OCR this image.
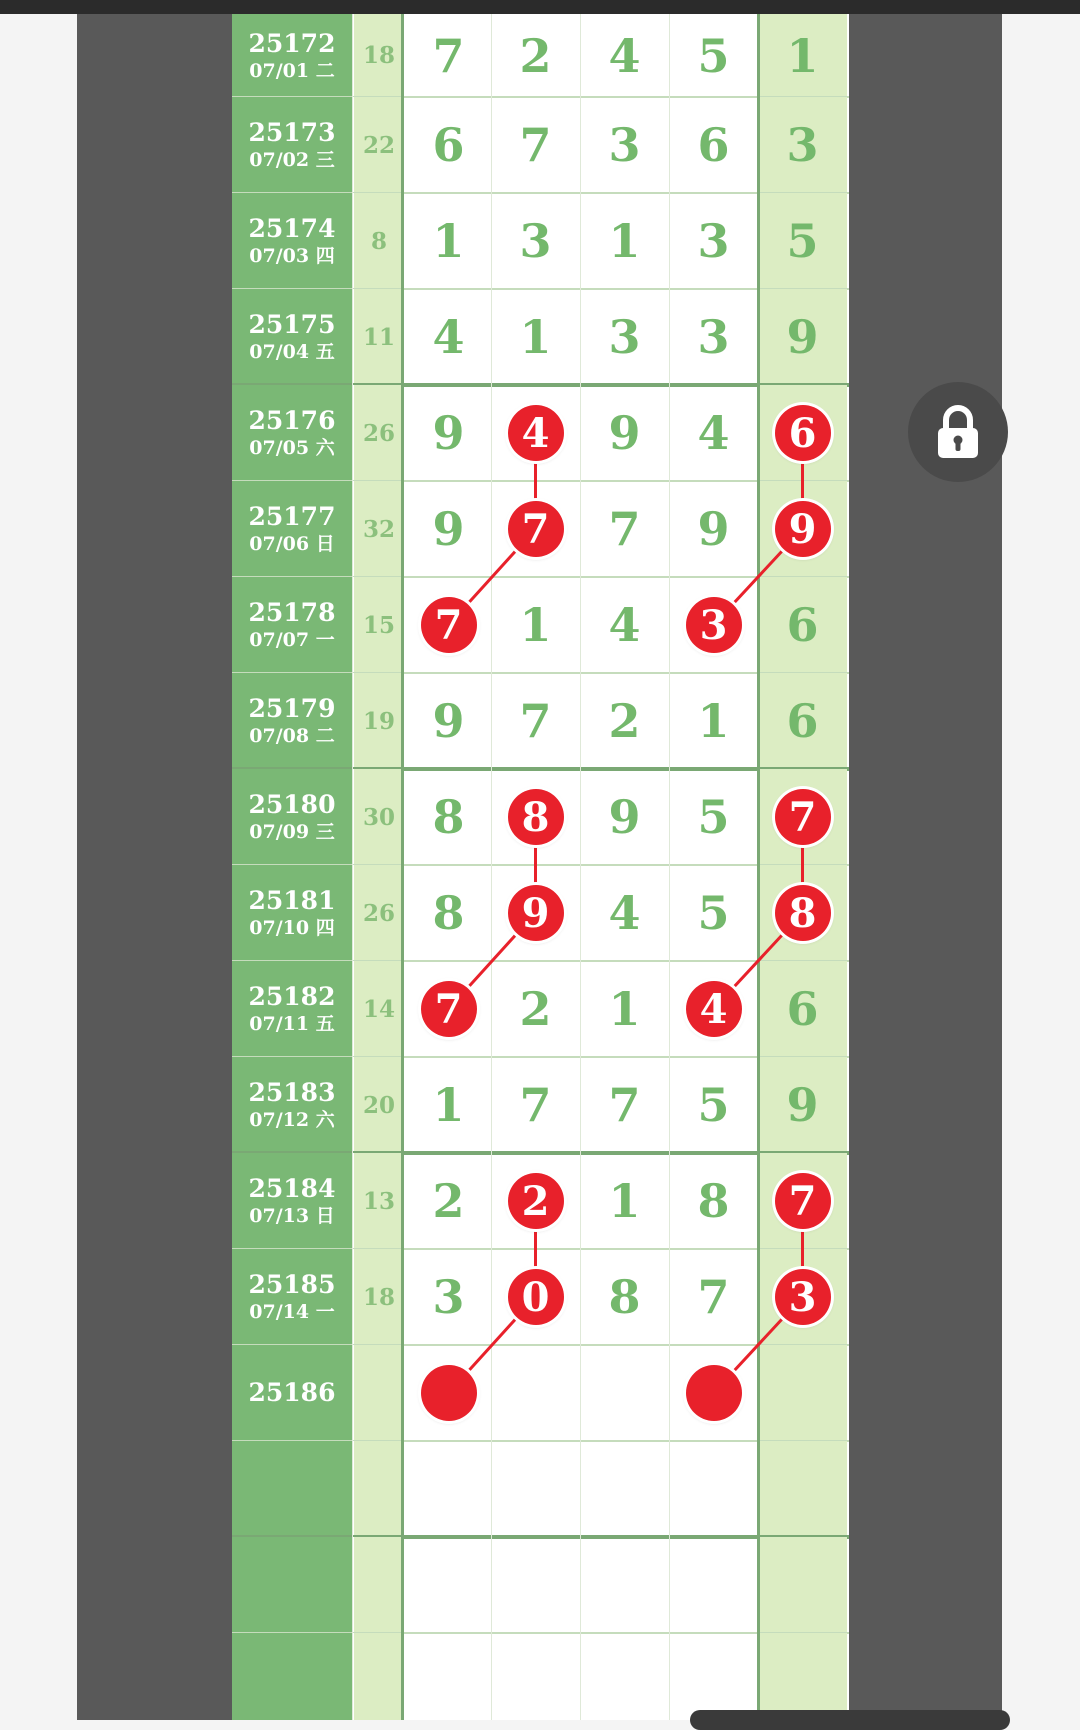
25172
07/01 二
18 7 2 4 5 1
25173
07/02 三
22 6 7 3 6 3
25174
07/03 四
8 1 3 1 3 5
25175
07/04 五
11 4 1 3 3 9
25176
07/05 六
26 9	4	9 4	6
25177
07/06 日
32 9	7	7 9	9
25178
07/07 一
15 7	1 4	3	6
25179
07/08 二
19 9 7 2 1 6
25180
07/09 三
30 8	8	9 5	7
25181
07/10 四
26 8	9	4 5	8
25182
07/11 五
14 7	2 1	4	6
25183
07/12 六
20 1 7 7 5 9
25184
07/13 日
13 2	2	1 8	7
25185
07/14 一
18 3	0	8 7	3
25186
